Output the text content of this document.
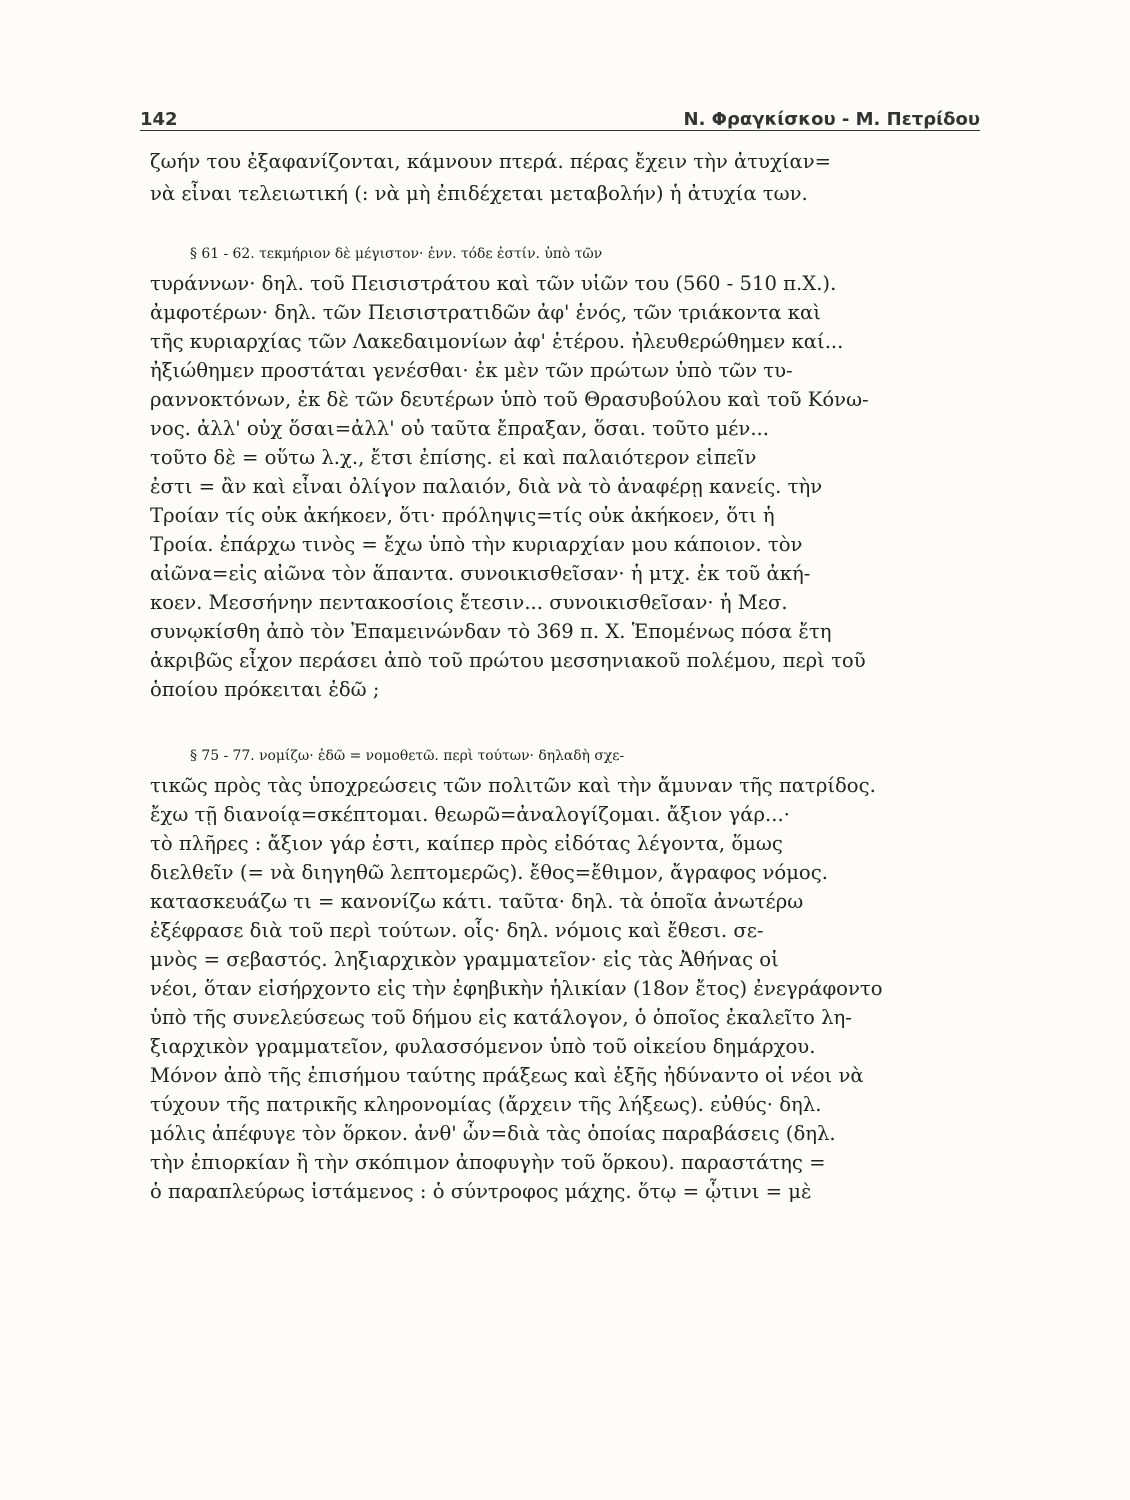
142	Ν. Φραγκίσκου - Μ. Πετρίδου
ζωήν του ἐξαφανίζονται, κάμνουν πτερά. πέρας ἔχειν τὴν ἀτυχίαν=
νὰ εἶναι τελειωτική (: νὰ μὴ ἐπιδέχεται μεταβολήν) ἡ ἀτυχία των.
§ 61 - 62. τεκμήριον δὲ μέγιστον· ἐνν. τόδε ἐστίν. ὑπὸ τῶν
τυράννων· δηλ. τοῦ Πεισιστράτου καὶ τῶν υἱῶν του (560 - 510 π.Χ.).
ἀμφοτέρων· δηλ. τῶν Πεισιστρατιδῶν ἀφ' ἑνός, τῶν τριάκοντα καὶ
τῆς κυριαρχίας τῶν Λακεδαιμονίων ἀφ' ἑτέρου. ἠλευθερώθημεν καί...
ἠξιώθημεν προστάται γενέσθαι· ἐκ μὲν τῶν πρώτων ὑπὸ τῶν τυ-
ραννοκτόνων, ἐκ δὲ τῶν δευτέρων ὑπὸ τοῦ Θρασυβούλου καὶ τοῦ Κόνω-
νος. ἀλλ' οὐχ ὅσαι=ἀλλ' οὐ ταῦτα ἔπραξαν, ὅσαι. τοῦτο μέν...
τοῦτο δὲ = οὕτω λ.χ., ἔτσι ἐπίσης. εἰ καὶ παλαιότερον εἰπεῖν
ἐστι = ἂν καὶ εἶναι ὀλίγον παλαιόν, διὰ νὰ τὸ ἀναφέρῃ κανείς. τὴν
Τροίαν τίς οὐκ ἀκήκοεν, ὅτι· πρόληψις=τίς οὐκ ἀκήκοεν, ὅτι ἡ
Τροία. ἐπάρχω τινὸς = ἔχω ὑπὸ τὴν κυριαρχίαν μου κάποιον. τὸν
αἰῶνα=εἰς αἰῶνα τὸν ἅπαντα. συνοικισθεῖσαν· ἡ μτχ. ἐκ τοῦ ἀκή-
κοεν. Μεσσήνην πεντακοσίοις ἔτεσιν... συνοικισθεῖσαν· ἡ Μεσ.
συνῳκίσθη ἀπὸ τὸν Ἐπαμεινώνδαν τὸ 369 π. Χ. Ἑπομένως πόσα ἔτη
ἀκριβῶς εἶχον περάσει ἀπὸ τοῦ πρώτου μεσσηνιακοῦ πολέμου, περὶ τοῦ
ὁποίου πρόκειται ἐδῶ ;
§ 75 - 77. νομίζω· ἐδῶ = νομοθετῶ. περὶ τούτων· δηλαδὴ σχε-
τικῶς πρὸς τὰς ὑποχρεώσεις τῶν πολιτῶν καὶ τὴν ἄμυναν τῆς πατρίδος.
ἔχω τῇ διανοίᾳ=σκέπτομαι. θεωρῶ=ἀναλογίζομαι. ἄξιον γάρ...·
τὸ πλῆρες : ἄξιον γάρ ἐστι, καίπερ πρὸς εἰδότας λέγοντα, ὅμως
διελθεῖν (= νὰ διηγηθῶ λεπτομερῶς). ἔθος=ἔθιμον, ἄγραφος νόμος.
κατασκευάζω τι = κανονίζω κάτι. ταῦτα· δηλ. τὰ ὁποῖα ἀνωτέρω
ἐξέφρασε διὰ τοῦ περὶ τούτων. οἷς· δηλ. νόμοις καὶ ἔθεσι. σε-
μνὸς = σεβαστός. ληξιαρχικὸν γραμματεῖον· εἰς τὰς Ἀθήνας οἱ
νέοι, ὅταν εἰσήρχοντο εἰς τὴν ἐφηβικὴν ἡλικίαν (18ον ἔτος) ἐνεγράφοντο
ὑπὸ τῆς συνελεύσεως τοῦ δήμου εἰς κατάλογον, ὁ ὁποῖος ἐκαλεῖτο λη-
ξιαρχικὸν γραμματεῖον, φυλασσόμενον ὑπὸ τοῦ οἰκείου δημάρχου.
Μόνον ἀπὸ τῆς ἐπισήμου ταύτης πράξεως καὶ ἑξῆς ἠδύναντο οἱ νέοι νὰ
τύχουν τῆς πατρικῆς κληρονομίας (ἄρχειν τῆς λήξεως). εὐθύς· δηλ.
μόλις ἀπέφυγε τὸν ὅρκον. ἀνθ' ὧν=διὰ τὰς ὁποίας παραβάσεις (δηλ.
τὴν ἐπιορκίαν ἢ τὴν σκόπιμον ἀποφυγὴν τοῦ ὅρκου). παραστάτης =
ὁ παραπλεύρως ἱστάμενος : ὁ σύντροφος μάχης. ὅτῳ = ᾧτινι = μὲ
